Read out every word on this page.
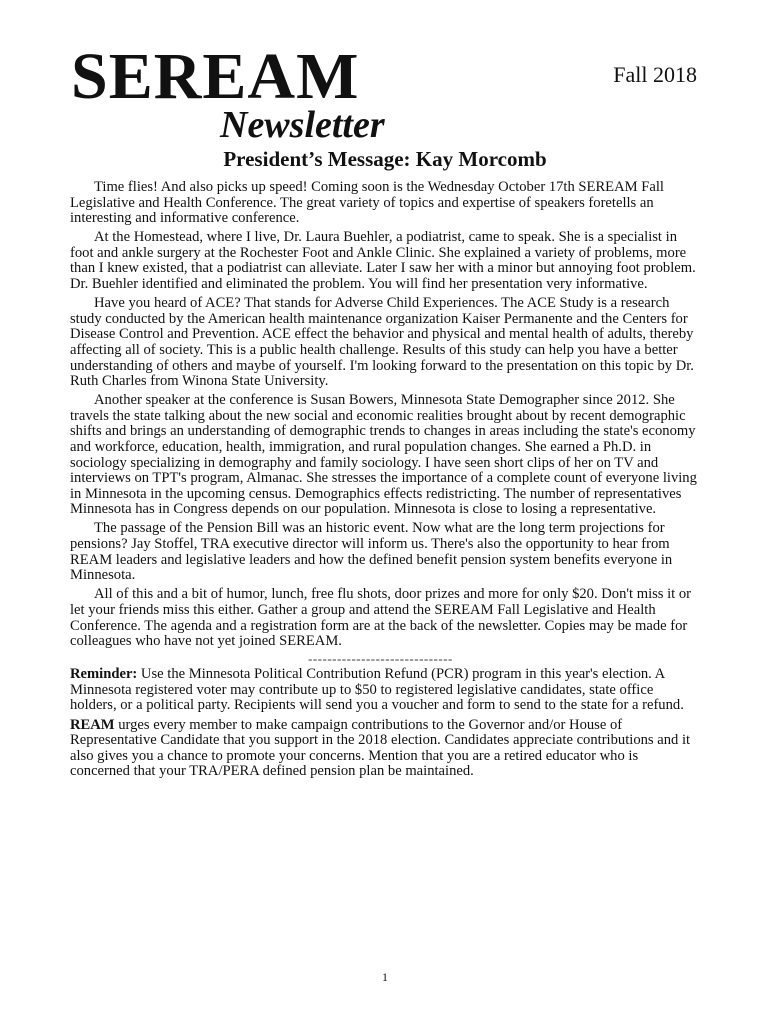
SEREAM	Fall 2018
Newsletter
President’s Message: Kay Morcomb

Time flies! And also picks up speed! Coming soon is the Wednesday October 17th SEREAM Fall Legislative and Health Conference. The great variety of topics and expertise of speakers foretells an interesting and informative conference.

At the Homestead, where I live, Dr. Laura Buehler, a podiatrist, came to speak. She is a specialist in foot and ankle surgery at the Rochester Foot and Ankle Clinic. She explained a variety of problems, more than I knew existed, that a podiatrist can alleviate. Later I saw her with a minor but annoying foot problem. Dr. Buehler identified and eliminated the problem. You will find her presentation very informative.

Have you heard of ACE? That stands for Adverse Child Experiences. The ACE Study is a research study conducted by the American health maintenance organization Kaiser Permanente and the Centers for Disease Control and Prevention. ACE effect the behavior and physical and mental health of adults, thereby affecting all of society. This is a public health challenge. Results of this study can help you have a better understanding of others and maybe of yourself. I'm looking forward to the presentation on this topic by Dr. Ruth Charles from Winona State University.

Another speaker at the conference is Susan Bowers, Minnesota State Demographer since 2012. She travels the state talking about the new social and economic realities brought about by recent demographic shifts and brings an understanding of demographic trends to changes in areas including the state's economy and workforce, education, health, immigration, and rural population changes. She earned a Ph.D. in sociology specializing in demography and family sociology. I have seen short clips of her on TV and interviews on TPT's program, Almanac. She stresses the importance of a complete count of everyone living in Minnesota in the upcoming census. Demographics effects redistricting. The number of representatives Minnesota has in Congress depends on our population. Minnesota is close to losing a representative.

The passage of the Pension Bill was an historic event. Now what are the long term projections for pensions? Jay Stoffel, TRA executive director will inform us. There's also the opportunity to hear from REAM leaders and legislative leaders and how the defined benefit pension system benefits everyone in Minnesota.

All of this and a bit of humor, lunch, free flu shots, door prizes and more for only $20. Don't miss it or let your friends miss this either. Gather a group and attend the SEREAM Fall Legislative and Health Conference. The agenda and a registration form are at the back of the newsletter. Copies may be made for colleagues who have not yet joined SEREAM.

------------------------------

Reminder: Use the Minnesota Political Contribution Refund (PCR) program in this year's election. A Minnesota registered voter may contribute up to $50 to registered legislative candidates, state office holders, or a political party. Recipients will send you a voucher and form to send to the state for a refund.

REAM urges every member to make campaign contributions to the Governor and/or House of Representative Candidate that you support in the 2018 election. Candidates appreciate contributions and it also gives you a chance to promote your concerns. Mention that you are a retired educator who is concerned that your TRA/PERA defined pension plan be maintained.

1
